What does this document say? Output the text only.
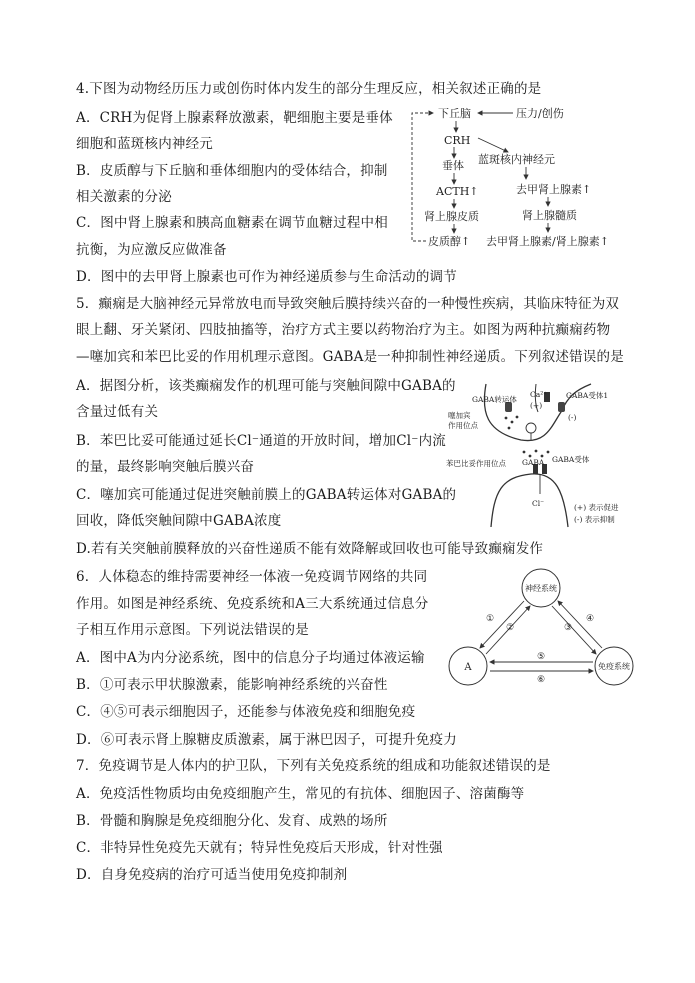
4.下图为动物经历压力或创伤时体内发生的部分生理反应，相关叙述正确的是
A．CRH为促肾上腺素释放激素，靶细胞主要是垂体
细胞和蓝斑核内神经元
B．皮质醇与下丘脑和垂体细胞内的受体结合，抑制
相关激素的分泌
C．图中肾上腺素和胰高血糖素在调节血糖过程中相
抗衡，为应激反应做准备
D．图中的去甲肾上腺素也可作为神经递质参与生命活动的调节
下丘脑	压力/创伤
CRH
垂体 蓝斑核内神经元
ACTH↑	去甲肾上腺素↑
肾上腺皮质	肾上腺髓质
皮质醇↑ 去甲肾上腺素/肾上腺素↑
5．癫痫是大脑神经元异常放电而导致突触后膜持续兴奋的一种慢性疾病，其临床特征为双
眼上翻、牙关紧闭、四肢抽搐等，治疗方式主要以药物治疗为主。如图为两种抗癫痫药物
—噻加宾和苯巴比妥的作用机理示意图。GABA是一种抑制性神经递质。下列叙述错误的是
A．据图分析，该类癫痫发作的机理可能与突触间隙中GABA的
含量过低有关
B．苯巴比妥可能通过延长Cl⁻通道的开放时间，增加Cl⁻内流
的量，最终影响突触后膜兴奋
C．噻加宾可能通过促进突触前膜上的GABA转运体对GABA的
回收，降低突触间隙中GABA浓度
D.若有关突触前膜释放的兴奋性递质不能有效降解或回收也可能导致癫痫发作
GABA转运体
Ca²⁺
(+)
(-)
GABA受体1
噻加宾
作用位点
GABA GABA受体
苯巴比妥作用位点
Cl⁻	(+) 表示促进
(-) 表示抑制
6．人体稳态的维持需要神经一体液一免疫调节网络的共同
作用。如图是神经系统、免疫系统和A三大系统通过信息分
子相互作用示意图。下列说法错误的是
A．图中A为内分泌系统，图中的信息分子均通过体液运输
B．①可表示甲状腺激素，能影响神经系统的兴奋性
C．④⑤可表示细胞因子，还能参与体液免疫和细胞免疫
D．⑥可表示肾上腺糖皮质激素，属于淋巴因子，可提升免疫力
神经系统
A	免疫系统
①
②	③
④
⑤
⑥
7．免疫调节是人体内的护卫队，下列有关免疫系统的组成和功能叙述错误的是
A．免疫活性物质均由免疫细胞产生，常见的有抗体、细胞因子、溶菌酶等
B．骨髓和胸腺是免疫细胞分化、发育、成熟的场所
C．非特异性免疫先天就有；特异性免疫后天形成，针对性强
D．自身免疫病的治疗可适当使用免疫抑制剂
